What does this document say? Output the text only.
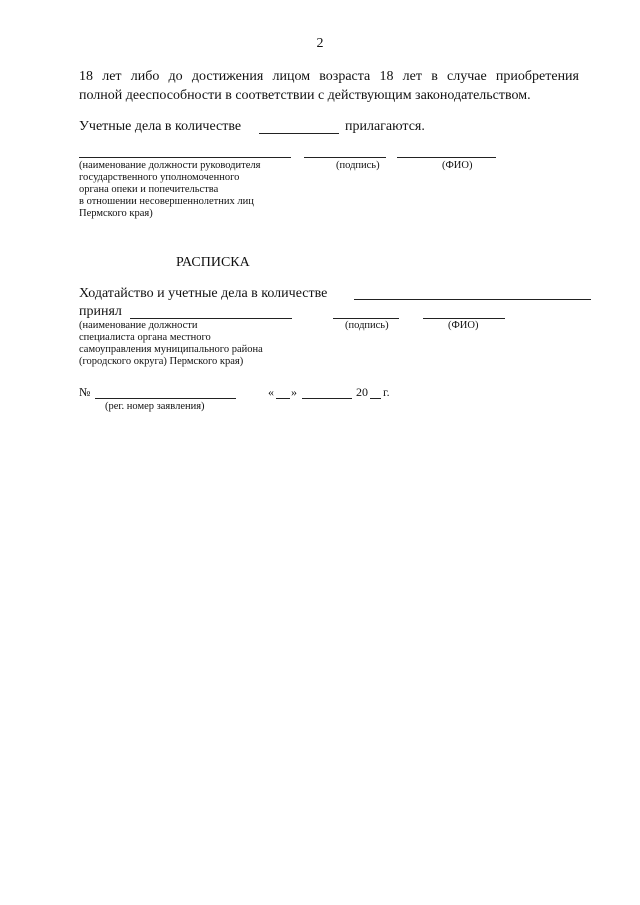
2
18 лет либо до достижения лицом возраста 18 лет в случае приобретения
полной дееспособности в соответствии с действующим законодательством.
Учетные дела в количестве	прилагаются.
(наименование должности руководителя
государственного уполномоченного
органа опеки и попечительства
в отношении несовершеннолетних лиц
Пермского края)
(подпись)	(ФИО)
РАСПИСКА
Ходатайство и учетные дела в количестве
принял
(наименование должности
специалиста органа местного
самоуправления муниципального района
(городского округа) Пермского края)
(подпись)	(ФИО)
№	« »	20 г.
(рег. номер заявления)
